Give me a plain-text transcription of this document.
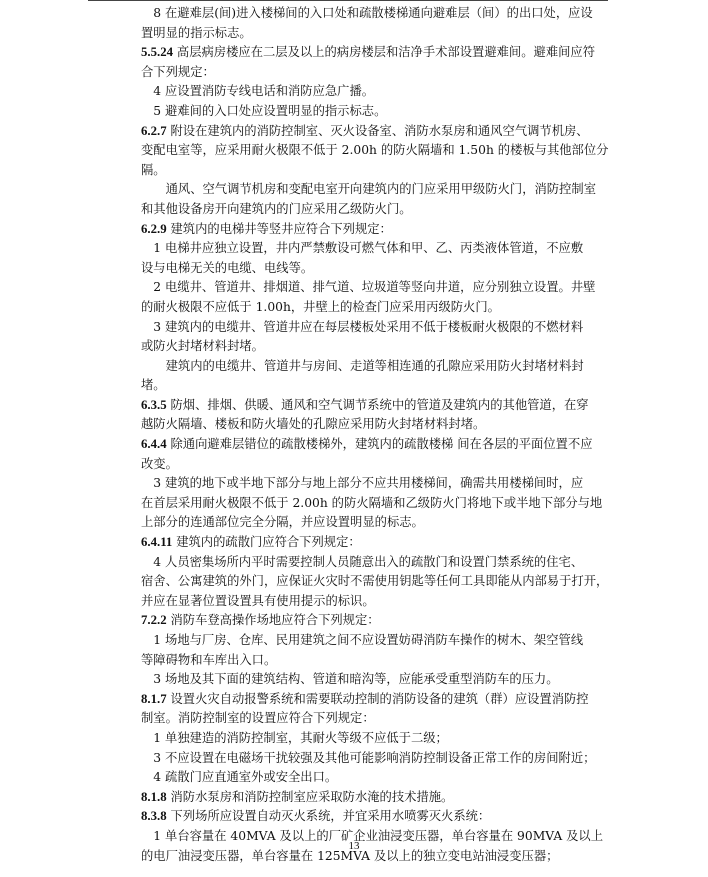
　8 在避难层(间)进入楼梯间的入口处和疏散楼梯通向避难层（间）的出口处，应设
置明显的指示标志。
5.5.24 高层病房楼应在二层及以上的病房楼层和洁净手术部设置避难间。避难间应符
合下列规定：
　4 应设置消防专线电话和消防应急广播。
　5 避难间的入口处应设置明显的指示标志。
6.2.7 附设在建筑内的消防控制室、灭火设备室、消防水泵房和通风空气调节机房、
变配电室等，应采用耐火极限不低于 2.00h 的防火隔墙和 1.50h 的楼板与其他部位分
隔。
　　通风、空气调节机房和变配电室开向建筑内的门应采用甲级防火门，消防控制室
和其他设备房开向建筑内的门应采用乙级防火门。
6.2.9 建筑内的电梯井等竖井应符合下列规定：
　1 电梯井应独立设置，井内严禁敷设可燃气体和甲、乙、丙类液体管道，不应敷
设与电梯无关的电缆、电线等。
　2 电缆井、管道井、排烟道、排气道、垃圾道等竖向井道，应分别独立设置。井壁
的耐火极限不应低于 1.00h，井壁上的检查门应采用丙级防火门。
　3 建筑内的电缆井、管道井应在每层楼板处采用不低于楼板耐火极限的不燃材料
或防火封堵材料封堵。
　　建筑内的电缆井、管道井与房间、走道等相连通的孔隙应采用防火封堵材料封
堵。
6.3.5 防烟、排烟、供暖、通风和空气调节系统中的管道及建筑内的其他管道，在穿
越防火隔墙、楼板和防火墙处的孔隙应采用防火封堵材料封堵。
6.4.4 除通向避难层错位的疏散楼梯外，建筑内的疏散楼梯 间在各层的平面位置不应
改变。
　3 建筑的地下或半地下部分与地上部分不应共用楼梯间，确需共用楼梯间时，应
在首层采用耐火极限不低于 2.00h 的防火隔墙和乙级防火门将地下或半地下部分与地
上部分的连通部位完全分隔，并应设置明显的标志。
6.4.11 建筑内的疏散门应符合下列规定：
　4 人员密集场所内平时需要控制人员随意出入的疏散门和设置门禁系统的住宅、
宿舍、公寓建筑的外门，应保证火灾时不需使用钥匙等任何工具即能从内部易于打开，
并应在显著位置设置具有使用提示的标识。
7.2.2 消防车登高操作场地应符合下列规定：
　1 场地与厂房、仓库、民用建筑之间不应设置妨碍消防车操作的树木、架空管线
等障碍物和车库出入口。
　3 场地及其下面的建筑结构、管道和暗沟等，应能承受重型消防车的压力。
8.1.7 设置火灾自动报警系统和需要联动控制的消防设备的建筑（群）应设置消防控
制室。消防控制室的设置应符合下列规定：
　1 单独建造的消防控制室，其耐火等级不应低于二级；
　3 不应设置在电磁场干扰较强及其他可能影响消防控制设备正常工作的房间附近；
　4 疏散门应直通室外或安全出口。
8.1.8 消防水泵房和消防控制室应采取防水淹的技术措施。
8.3.8 下列场所应设置自动灭火系统，并宜采用水喷雾灭火系统：
　1 单台容量在 40MVA 及以上的厂矿企业油浸变压器，单台容量在 90MVA 及以上
的电厂油浸变压器，单台容量在 125MVA 及以上的独立变电站油浸变压器；
13
